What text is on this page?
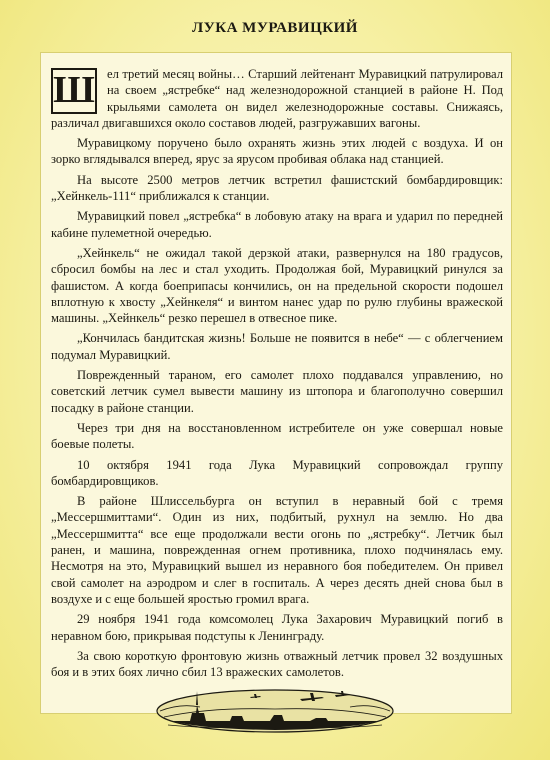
ЛУКА МУРАВИЦКИЙ

Ш ел третий месяц войны… Старший лейтенант Муравицкий патрулировал на своем „ястребке“ над железнодорожной станцией в районе Н. Под крыльями самолета он видел железнодорожные составы. Снижаясь, различал двигавшихся около составов людей, разгружавших вагоны.

Муравицкому поручено было охранять жизнь этих людей с воздуха. И он зорко вглядывался вперед, ярус за ярусом пробивая облака над станцией.

На высоте 2500 метров летчик встретил фашистский бомбардировщик: „Хейнкель-111“ приближался к станции.

Муравицкий повел „ястребка“ в лобовую атаку на врага и ударил по передней кабине пулеметной очередью.

„Хейнкель“ не ожидал такой дерзкой атаки, развернулся на 180 градусов, сбросил бомбы на лес и стал уходить. Продолжая бой, Муравицкий ринулся за фашистом. А когда боеприпасы кончились, он на предельной скорости подошел вплотную к хвосту „Хейнкеля“ и винтом нанес удар по рулю глубины вражеской машины. „Хейнкель“ резко перешел в отвесное пике.

„Кончилась бандитская жизнь! Больше не появится в небе“ — с облегчением подумал Муравицкий.

Поврежденный тараном, его самолет плохо поддавался управлению, но советский летчик сумел вывести машину из штопора и благополучно совершил посадку в районе станции.

Через три дня на восстановленном истребителе он уже совершал новые боевые полеты.

10 октября 1941 года Лука Муравицкий сопровождал группу бомбардировщиков.

В районе Шлиссельбурга он вступил в неравный бой с тремя „Мессершмиттами“. Один из них, подбитый, рухнул на землю. Но два „Мессершмитта“ все еще продолжали вести огонь по „ястребку“. Летчик был ранен, и машина, поврежденная огнем противника, плохо подчинялась ему. Несмотря на это, Муравицкий вышел из неравного боя победителем. Он привел свой самолет на аэродром и слег в госпиталь. А через десять дней снова был в воздухе и с еще большей яростью громил врага.

29 ноября 1941 года комсомолец Лука Захарович Муравицкий погиб в неравном бою, прикрывая подступы к Ленинграду.

За свою короткую фронтовую жизнь отважный летчик провел 32 воздушных боя и в этих боях лично сбил 13 вражеских самолетов.
